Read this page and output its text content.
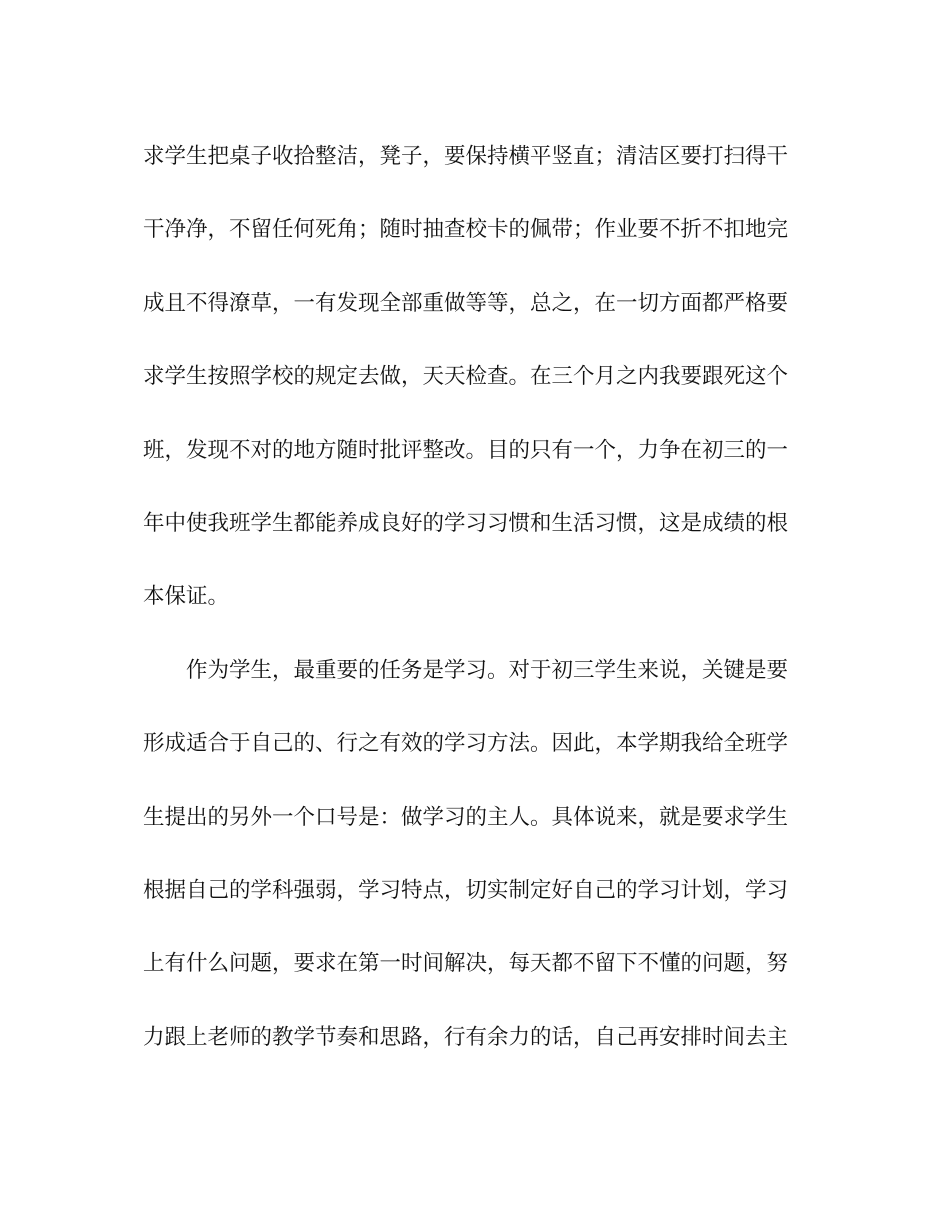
求学生把桌子收拾整洁，凳子，要保持横平竖直；清洁区要打扫得干
干净净，不留任何死角；随时抽查校卡的佩带；作业要不折不扣地完
成且不得潦草，一有发现全部重做等等，总之，在一切方面都严格要
求学生按照学校的规定去做，天天检查。在三个月之内我要跟死这个
班，发现不对的地方随时批评整改。目的只有一个，力争在初三的一
年中使我班学生都能养成良好的学习习惯和生活习惯，这是成绩的根
本保证。
　　作为学生，最重要的任务是学习。对于初三学生来说，关键是要
形成适合于自己的、行之有效的学习方法。因此，本学期我给全班学
生提出的另外一个口号是：做学习的主人。具体说来，就是要求学生
根据自己的学科强弱，学习特点，切实制定好自己的学习计划，学习
上有什么问题，要求在第一时间解决，每天都不留下不懂的问题，努
力跟上老师的教学节奏和思路，行有余力的话，自己再安排时间去主
